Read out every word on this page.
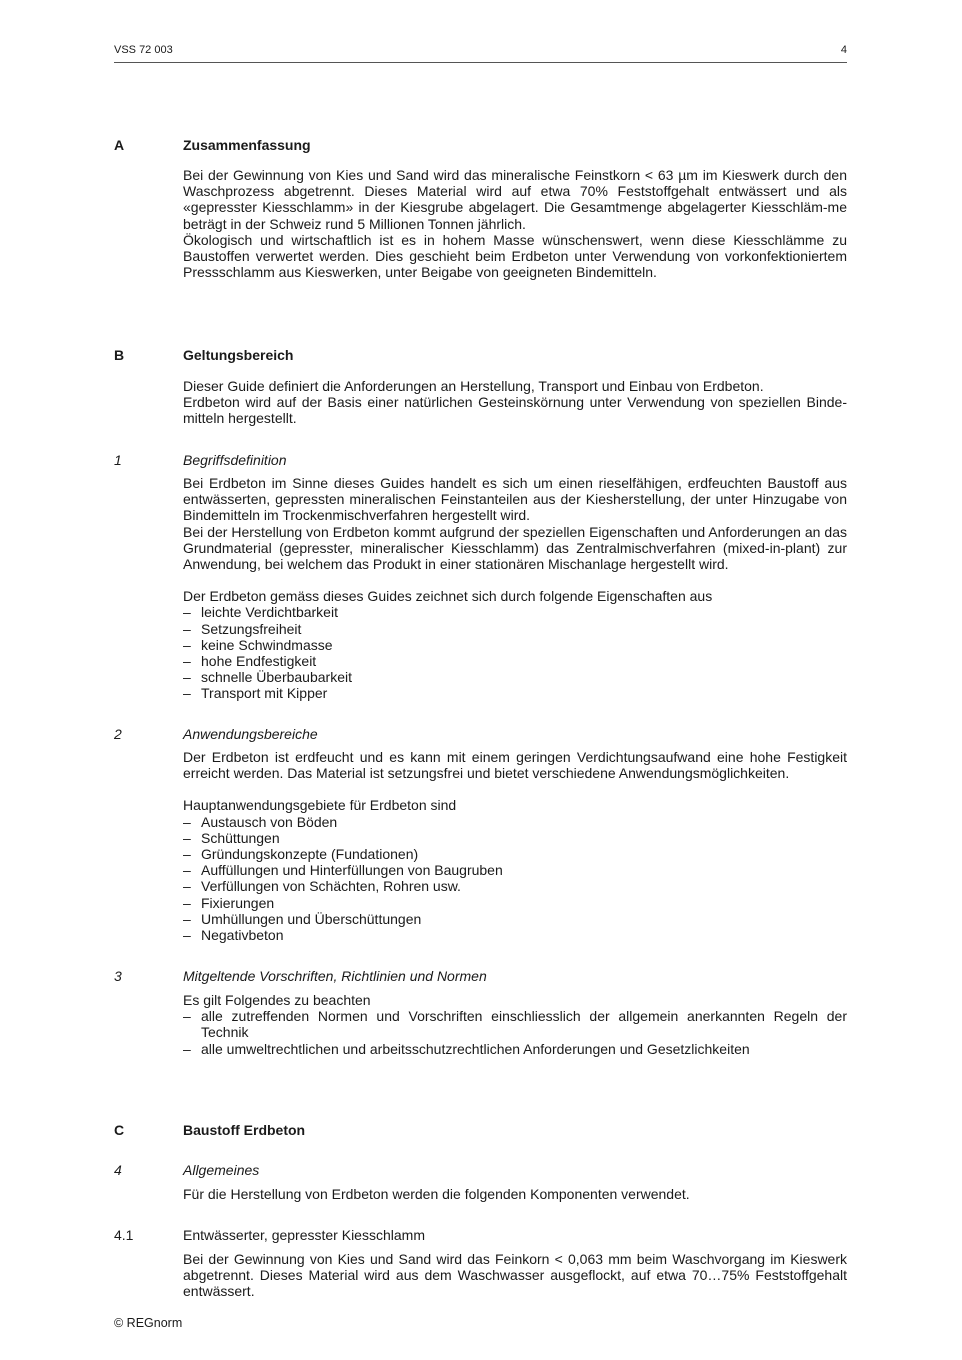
VSS 72 003	4
A	Zusammenfassung

Bei der Gewinnung von Kies und Sand wird das mineralische Feinstkorn < 63 µm im Kieswerk durch den Waschprozess abgetrennt. Dieses Material wird auf etwa 70% Feststoffgehalt entwässert und als «gepresster Kiesschlamm» in der Kiesgrube abgelagert. Die Gesamtmenge abgelagerter Kiesschläm-me beträgt in der Schweiz rund 5 Millionen Tonnen jährlich.

Ökologisch und wirtschaftlich ist es in hohem Masse wünschenswert, wenn diese Kiesschlämme zu Baustoffen verwertet werden. Dies geschieht beim Erdbeton unter Verwendung von vorkonfektioniertem Pressschlamm aus Kieswerken, unter Beigabe von geeigneten Bindemitteln.

B	Geltungsbereich

Dieser Guide definiert die Anforderungen an Herstellung, Transport und Einbau von Erdbeton.

Erdbeton wird auf der Basis einer natürlichen Gesteinskörnung unter Verwendung von speziellen Binde-mitteln hergestellt.

1	Begriffsdefinition

Bei Erdbeton im Sinne dieses Guides handelt es sich um einen rieselfähigen, erdfeuchten Baustoff aus entwässerten, gepressten mineralischen Feinstanteilen aus der Kiesherstellung, der unter Hinzugabe von Bindemitteln im Trockenmischverfahren hergestellt wird.

Bei der Herstellung von Erdbeton kommt aufgrund der speziellen Eigenschaften und Anforderungen an das Grundmaterial (gepresster, mineralischer Kiesschlamm) das Zentralmischverfahren (mixed-in-plant) zur Anwendung, bei welchem das Produkt in einer stationären Mischanlage hergestellt wird.

Der Erdbeton gemäss dieses Guides zeichnet sich durch folgende Eigenschaften aus

– leichte Verdichtbarkeit
– Setzungsfreiheit
– keine Schwindmasse
– hohe Endfestigkeit
– schnelle Überbaubarkeit
– Transport mit Kipper
2	Anwendungsbereiche

Der Erdbeton ist erdfeucht und es kann mit einem geringen Verdichtungsaufwand eine hohe Festigkeit erreicht werden. Das Material ist setzungsfrei und bietet verschiedene Anwendungsmöglichkeiten.

Hauptanwendungsgebiete für Erdbeton sind

– Austausch von Böden
– Schüttungen
– Gründungskonzepte (Fundationen)
– Auffüllungen und Hinterfüllungen von Baugruben
– Verfüllungen von Schächten, Rohren usw.
– Fixierungen
– Umhüllungen und Überschüttungen
– Negativbeton
3	Mitgeltende Vorschriften, Richtlinien und Normen

Es gilt Folgendes zu beachten

– alle zutreffenden Normen und Vorschriften einschliesslich der allgemein anerkannten Regeln der Technik
– alle umweltrechtlichen und arbeitsschutzrechtlichen Anforderungen und Gesetzlichkeiten
C	Baustoff Erdbeton
4	Allgemeines

Für die Herstellung von Erdbeton werden die folgenden Komponenten verwendet.

4.1	Entwässerter, gepresster Kiesschlamm

Bei der Gewinnung von Kies und Sand wird das Feinkorn < 0,063 mm beim Waschvorgang im Kieswerk abgetrennt. Dieses Material wird aus dem Waschwasser ausgeflockt, auf etwa 70…75% Feststoffgehalt entwässert.

© REGnorm
